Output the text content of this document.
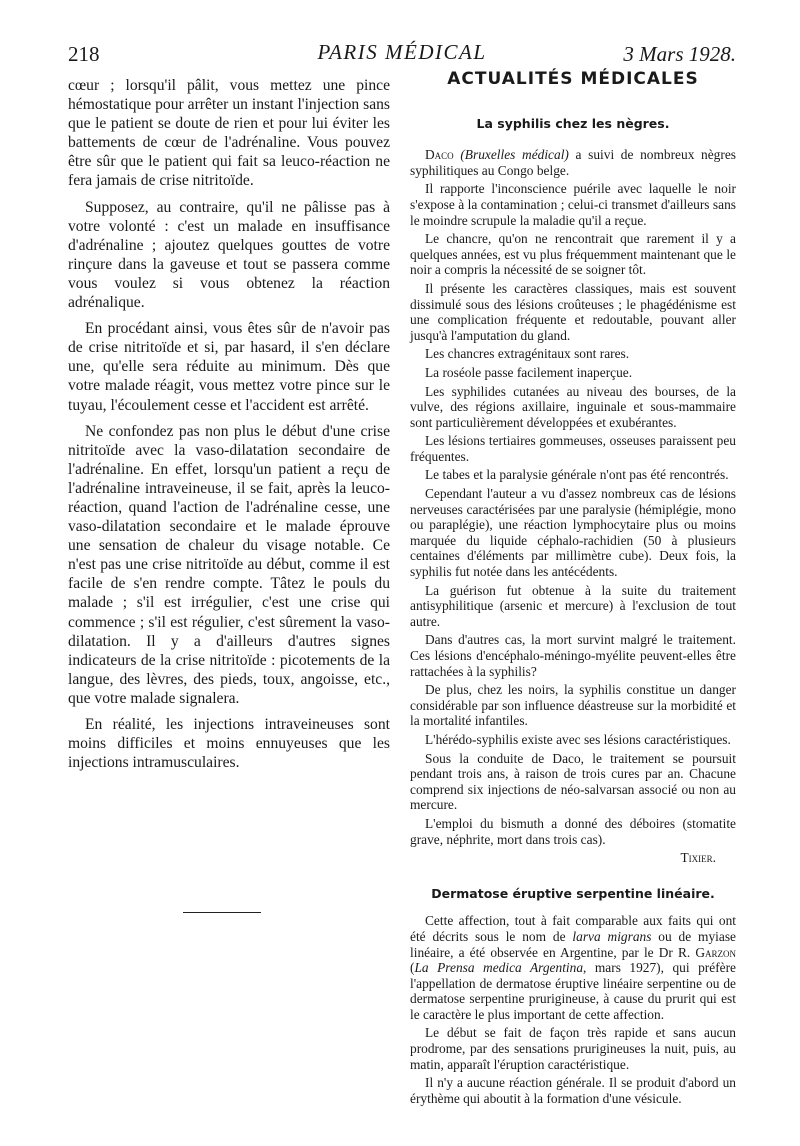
218	PARIS MÉDICAL	3 Mars 1928.

cœur ; lorsqu'il pâlit, vous mettez une pince hémostatique pour arrêter un instant l'injection sans que le patient se doute de rien et pour lui éviter les battements de cœur de l'adrénaline. Vous pouvez être sûr que le patient qui fait sa leuco-réaction ne fera jamais de crise nitritoïde.

Supposez, au contraire, qu'il ne pâlisse pas à votre volonté : c'est un malade en insuffisance d'adrénaline ; ajoutez quelques gouttes de votre rinçure dans la gaveuse et tout se passera comme vous voulez si vous obtenez la réaction adrénalique.

En procédant ainsi, vous êtes sûr de n'avoir pas de crise nitritoïde et si, par hasard, il s'en déclare une, qu'elle sera réduite au minimum. Dès que votre malade réagit, vous mettez votre pince sur le tuyau, l'écoulement cesse et l'accident est arrêté.

Ne confondez pas non plus le début d'une crise nitritoïde avec la vaso-dilatation secondaire de l'adrénaline. En effet, lorsqu'un patient a reçu de l'adrénaline intraveineuse, il se fait, après la leuco-réaction, quand l'action de l'adrénaline cesse, une vaso-dilatation secondaire et le malade éprouve une sensation de chaleur du visage notable. Ce n'est pas une crise nitritoïde au début, comme il est facile de s'en rendre compte. Tâtez le pouls du malade ; s'il est irrégulier, c'est une crise qui commence ; s'il est régulier, c'est sûrement la vaso-dilatation. Il y a d'ailleurs d'autres signes indicateurs de la crise nitritoïde : picotements de la langue, des lèvres, des pieds, toux, angoisse, etc., que votre malade signalera.

En réalité, les injections intraveineuses sont moins difficiles et moins ennuyeuses que les injections intramusculaires.

ACTUALITÉS MÉDICALES
La syphilis chez les nègres.

Daco (Bruxelles médical) a suivi de nombreux nègres syphilitiques au Congo belge.

Il rapporte l'inconscience puérile avec laquelle le noir s'expose à la contamination ; celui-ci transmet d'ailleurs sans le moindre scrupule la maladie qu'il a reçue.

Le chancre, qu'on ne rencontrait que rarement il y a quelques années, est vu plus fréquemment maintenant que le noir a compris la nécessité de se soigner tôt.

Il présente les caractères classiques, mais est souvent dissimulé sous des lésions croûteuses ; le phagédénisme est une complication fréquente et redoutable, pouvant aller jusqu'à l'amputation du gland.

Les chancres extragénitaux sont rares.

La roséole passe facilement inaperçue.

Les syphilides cutanées au niveau des bourses, de la vulve, des régions axillaire, inguinale et sous-mammaire sont particulièrement développées et exubérantes.

Les lésions tertiaires gommeuses, osseuses paraissent peu fréquentes.

Le tabes et la paralysie générale n'ont pas été rencontrés.

Cependant l'auteur a vu d'assez nombreux cas de lésions nerveuses caractérisées par une paralysie (hémiplégie, mono ou paraplégie), une réaction lymphocytaire plus ou moins marquée du liquide céphalo-rachidien (50 à plusieurs centaines d'éléments par millimètre cube). Deux fois, la syphilis fut notée dans les antécédents.

La guérison fut obtenue à la suite du traitement antisyphilitique (arsenic et mercure) à l'exclusion de tout autre.

Dans d'autres cas, la mort survint malgré le traitement. Ces lésions d'encéphalo-méningo-myélite peuvent-elles être rattachées à la syphilis?

De plus, chez les noirs, la syphilis constitue un danger considérable par son influence déastreuse sur la morbidité et la mortalité infantiles.

L'hérédo-syphilis existe avec ses lésions caractéristiques.

Sous la conduite de Daco, le traitement se poursuit pendant trois ans, à raison de trois cures par an. Chacune comprend six injections de néo-salvarsan associé ou non au mercure.

L'emploi du bismuth a donné des déboires (stomatite grave, néphrite, mort dans trois cas).

Tixier.

Dermatose éruptive serpentine linéaire.

Cette affection, tout à fait comparable aux faits qui ont été décrits sous le nom de larva migrans ou de myiase linéaire, a été observée en Argentine, par le Dr R. Garzon (La Prensa medica Argentina, mars 1927), qui préfère l'appellation de dermatose éruptive linéaire serpentine ou de dermatose serpentine prurigineuse, à cause du prurit qui est le caractère le plus important de cette affection.

Le début se fait de façon très rapide et sans aucun prodrome, par des sensations prurigineuses la nuit, puis, au matin, apparaît l'éruption caractéristique.

Il n'y a aucune réaction générale. Il se produit d'abord un érythème qui aboutit à la formation d'une vésicule.
